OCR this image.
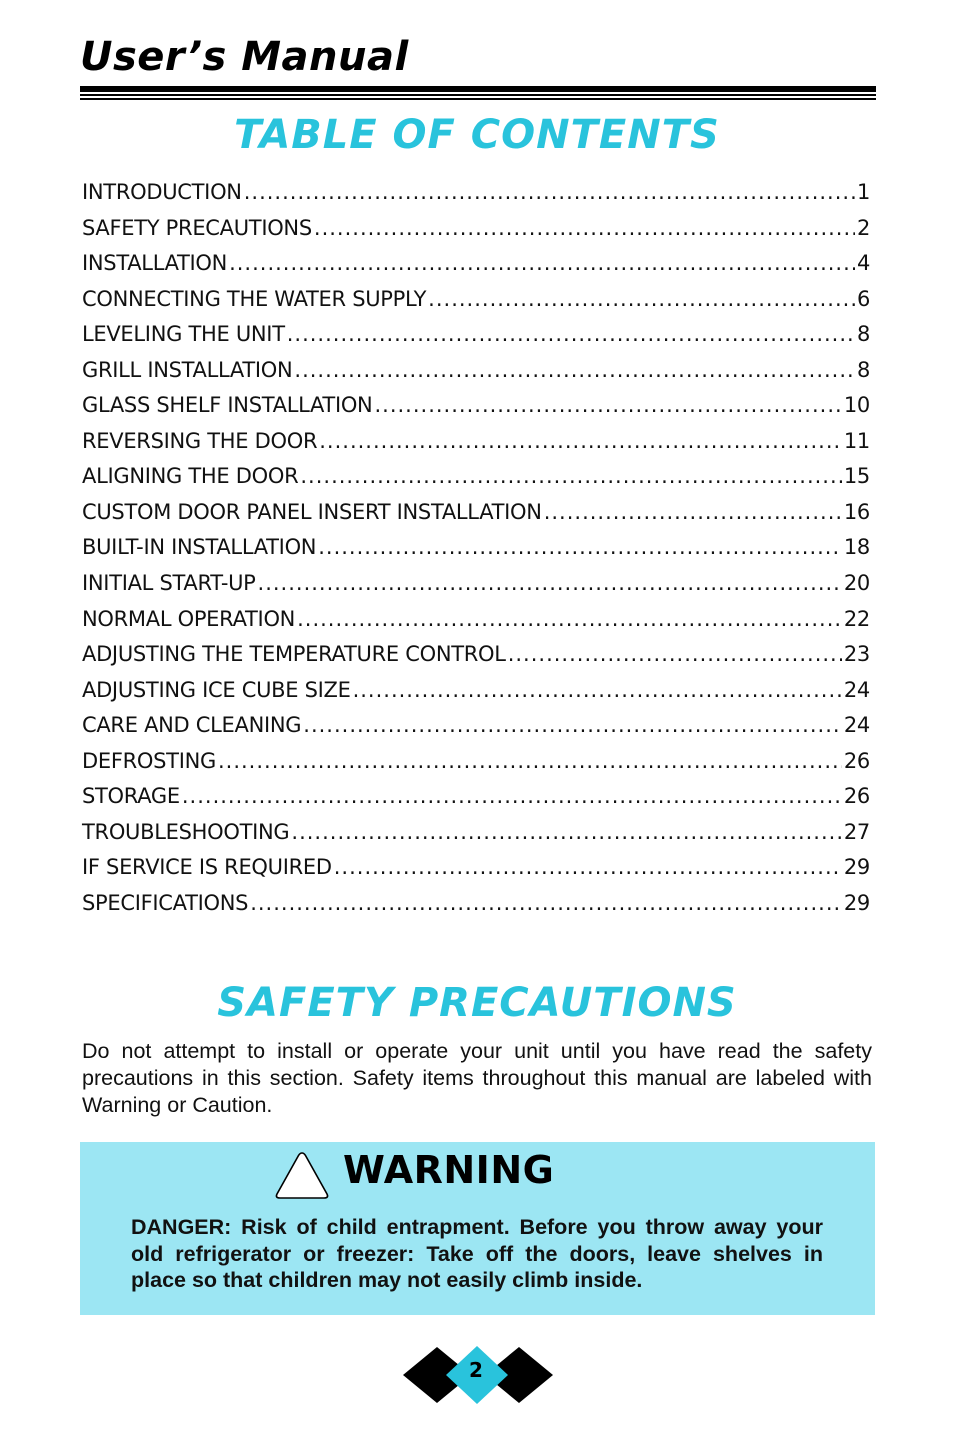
User’s Manual
TABLE OF CONTENTS
INTRODUCTION .....	1
SAFETY PRECAUTIONS .....	2
INSTALLATION .....	4
CONNECTING THE WATER SUPPLY .....	6
LEVELING THE UNIT .....	8
GRILL INSTALLATION .....	8
GLASS SHELF INSTALLATION .....	10
REVERSING THE DOOR .....	11
ALIGNING THE DOOR .....	15
CUSTOM DOOR PANEL INSERT INSTALLATION .....	16
BUILT-IN INSTALLATION .....	18
INITIAL START-UP .....	20
NORMAL OPERATION .....	22
ADJUSTING THE TEMPERATURE CONTROL .....	23
ADJUSTING ICE CUBE SIZE .....	24
CARE AND CLEANING .....	24
DEFROSTING .....	26
STORAGE .....	26
TROUBLESHOOTING .....	27
IF SERVICE IS REQUIRED .....	29
SPECIFICATIONS .....	29
SAFETY PRECAUTIONS

Do not attempt to install or operate your unit until you have read the safety precautions in this section. Safety items throughout this manual are labeled with Warning or Caution.

WARNING

DANGER: Risk of child entrapment. Before you throw away your old refrigerator or freezer: Take off the doors, leave shelves in place so that children may not easily climb inside.

2
